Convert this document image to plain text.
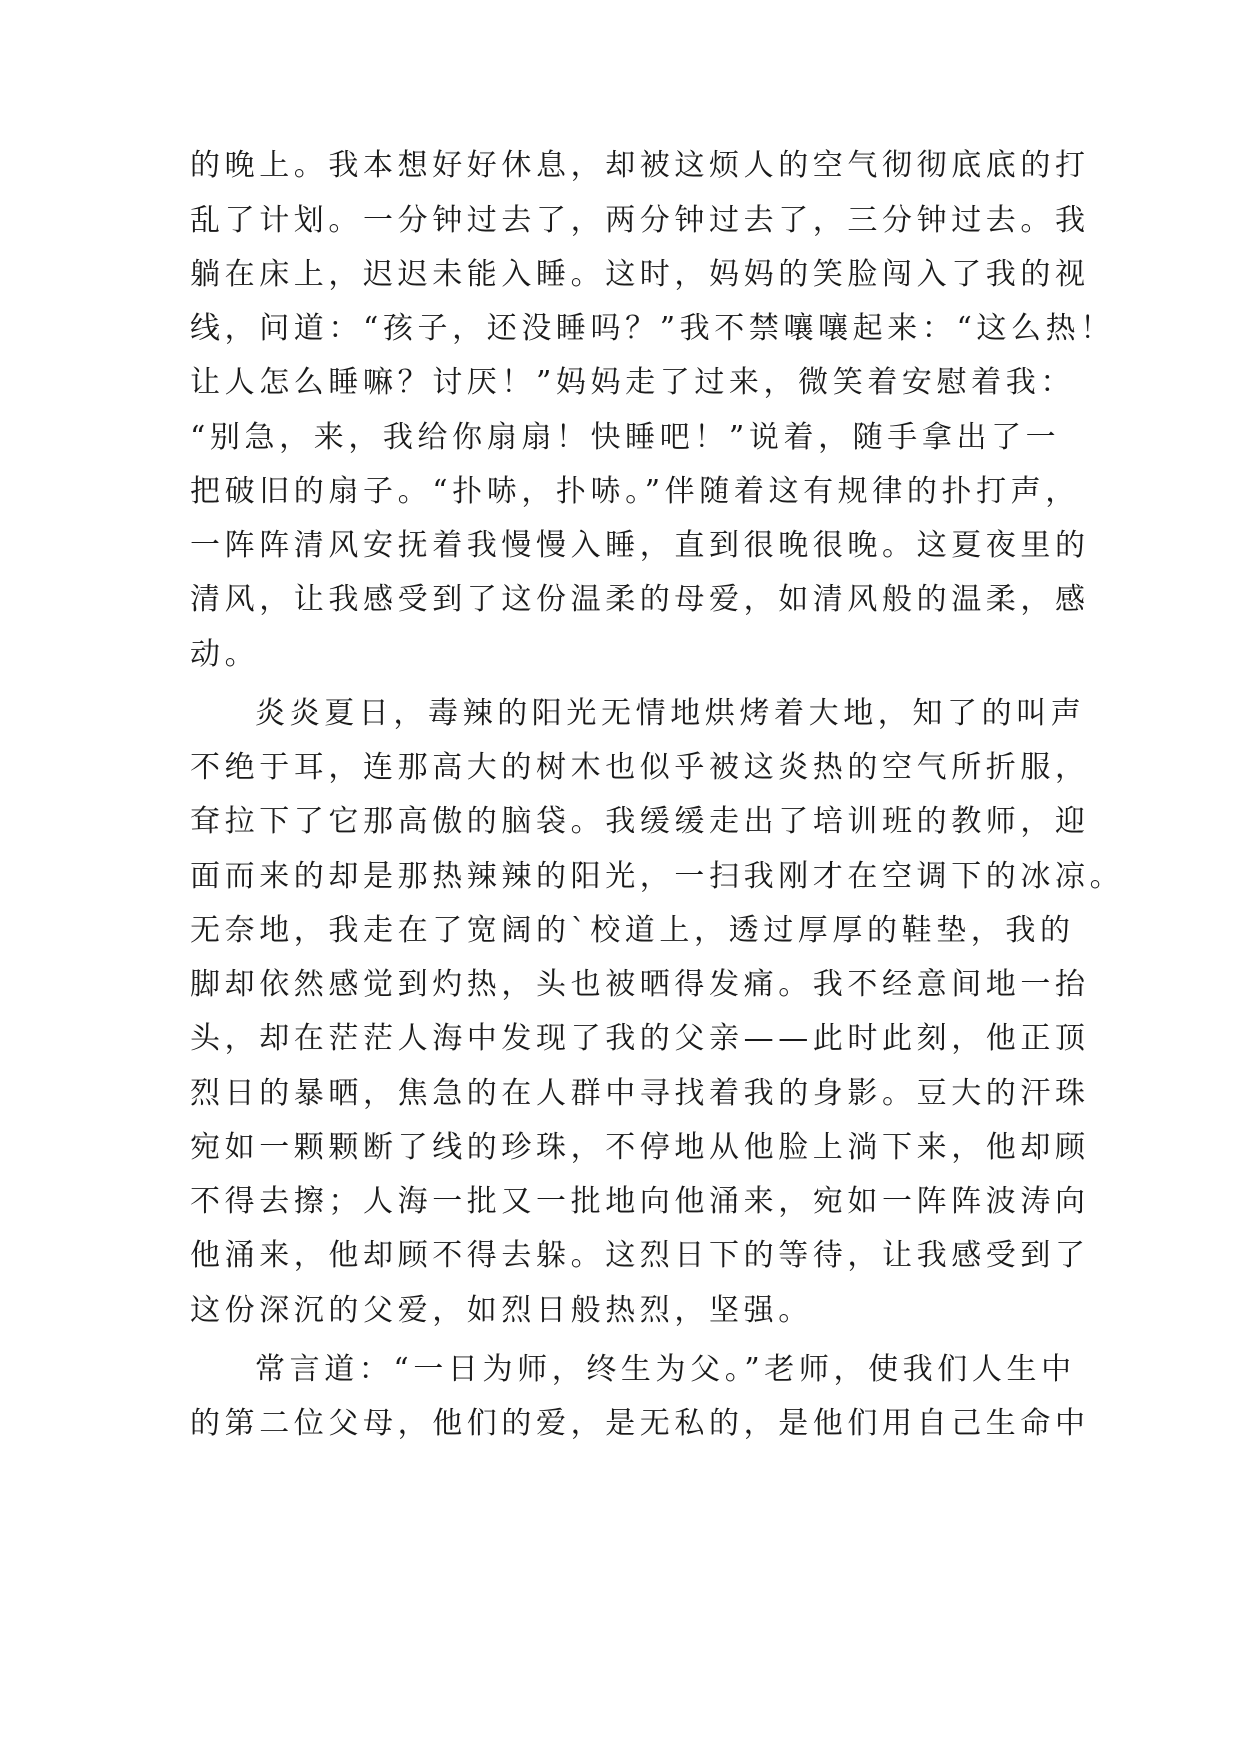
的晚上。我本想好好休息，却被这烦人的空气彻彻底底的打
乱了计划。一分钟过去了，两分钟过去了，三分钟过去。我
躺在床上，迟迟未能入睡。这时，妈妈的笑脸闯入了我的视
线，问道：“孩子，还没睡吗？”我不禁嚷嚷起来：“这么热！
让人怎么睡嘛？讨厌！”妈妈走了过来，微笑着安慰着我：
“别急，来，我给你扇扇！快睡吧！”说着，随手拿出了一
把破旧的扇子。“扑哧，扑哧。”伴随着这有规律的扑打声，
一阵阵清风安抚着我慢慢入睡，直到很晚很晚。这夏夜里的
清风，让我感受到了这份温柔的母爱，如清风般的温柔，感
动。
炎炎夏日，毒辣的阳光无情地烘烤着大地，知了的叫声
不绝于耳，连那高大的树木也似乎被这炎热的空气所折服，
耷拉下了它那高傲的脑袋。我缓缓走出了培训班的教师，迎
面而来的却是那热辣辣的阳光，一扫我刚才在空调下的冰凉。
无奈地，我走在了宽阔的`校道上，透过厚厚的鞋垫，我的
脚却依然感觉到灼热，头也被晒得发痛。我不经意间地一抬
头，却在茫茫人海中发现了我的父亲——此时此刻，他正顶
烈日的暴晒，焦急的在人群中寻找着我的身影。豆大的汗珠
宛如一颗颗断了线的珍珠，不停地从他脸上淌下来，他却顾
不得去擦；人海一批又一批地向他涌来，宛如一阵阵波涛向
他涌来，他却顾不得去躲。这烈日下的等待，让我感受到了
这份深沉的父爱，如烈日般热烈，坚强。
常言道：“一日为师，终生为父。”老师，使我们人生中
的第二位父母，他们的爱，是无私的，是他们用自己生命中
